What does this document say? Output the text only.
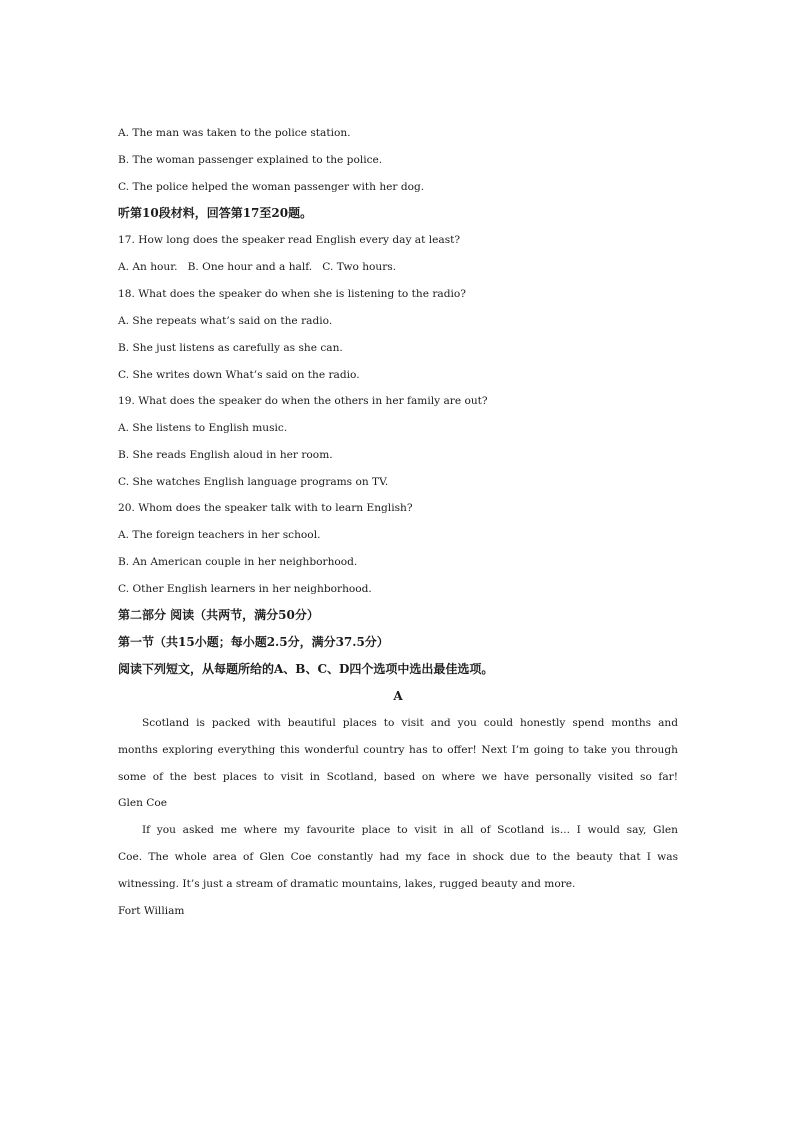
A. The man was taken to the police station.
B. The woman passenger explained to the police.
C. The police helped the woman passenger with her dog.
听第10段材料，回答第17至20题。
17. How long does the speaker read English every day at least?
A. An hour.   B. One hour and a half.   C. Two hours.
18. What does the speaker do when she is listening to the radio?
A. She repeats what’s said on the radio.
B. She just listens as carefully as she can.
C. She writes down What’s said on the radio.
19. What does the speaker do when the others in her family are out?
A. She listens to English music.
B. She reads English aloud in her room.
C. She watches English language programs on TV.
20. Whom does the speaker talk with to learn English?
A. The foreign teachers in her school.
B. An American couple in her neighborhood.
C. Other English learners in her neighborhood.
第二部分 阅读（共两节，满分50分）
第一节（共15小题；每小题2.5分，满分37.5分）
阅读下列短文，从每题所给的A、B、C、D四个选项中选出最佳选项。
A
Scotland is packed with beautiful places to visit and you could honestly spend months and
months exploring everything this wonderful country has to offer! Next I’m going to take you through
some of the best places to visit in Scotland, based on where we have personally visited so far!
Glen Coe
If you asked me where my favourite place to visit in all of Scotland is... I would say, Glen
Coe. The whole area of Glen Coe constantly had my face in shock due to the beauty that I was
witnessing. It’s just a stream of dramatic mountains, lakes, rugged beauty and more.
Fort William
